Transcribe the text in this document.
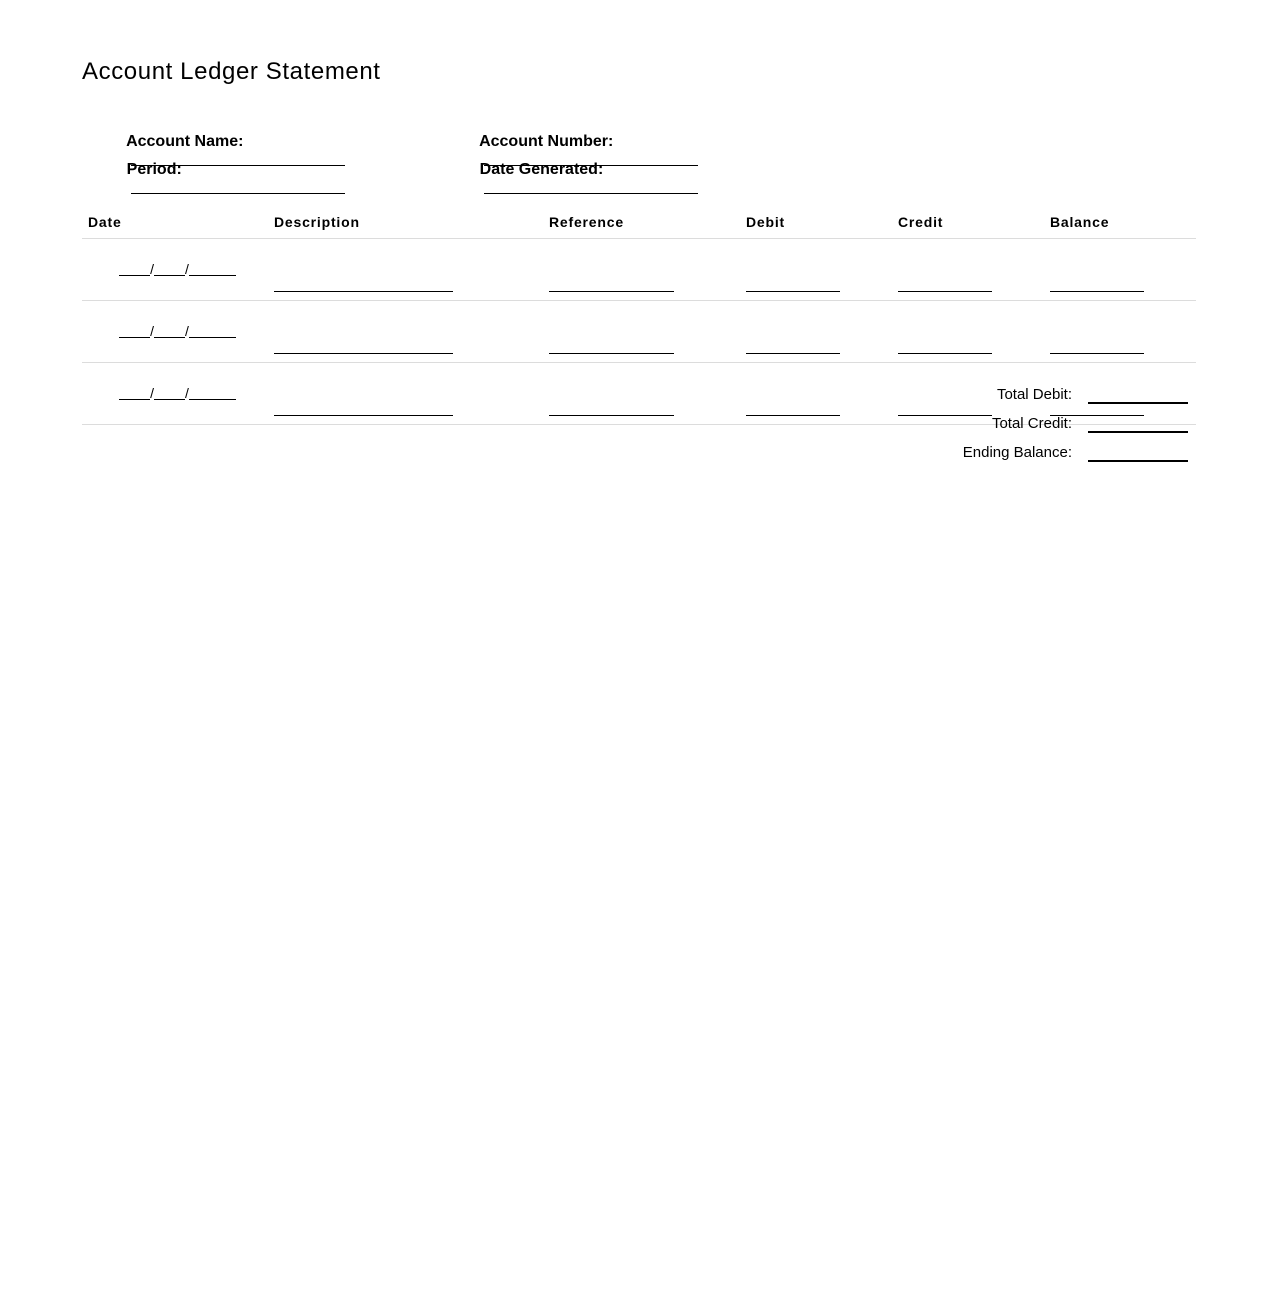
Account Ledger Statement

Account Name:

	Account Number:

Period:

	Date Generated:

Date	Description	Reference	Debit	Credit	Balance

/ /					

/ /					

/ /					

						Total Debit:
Total Credit:
Ending Balance:
